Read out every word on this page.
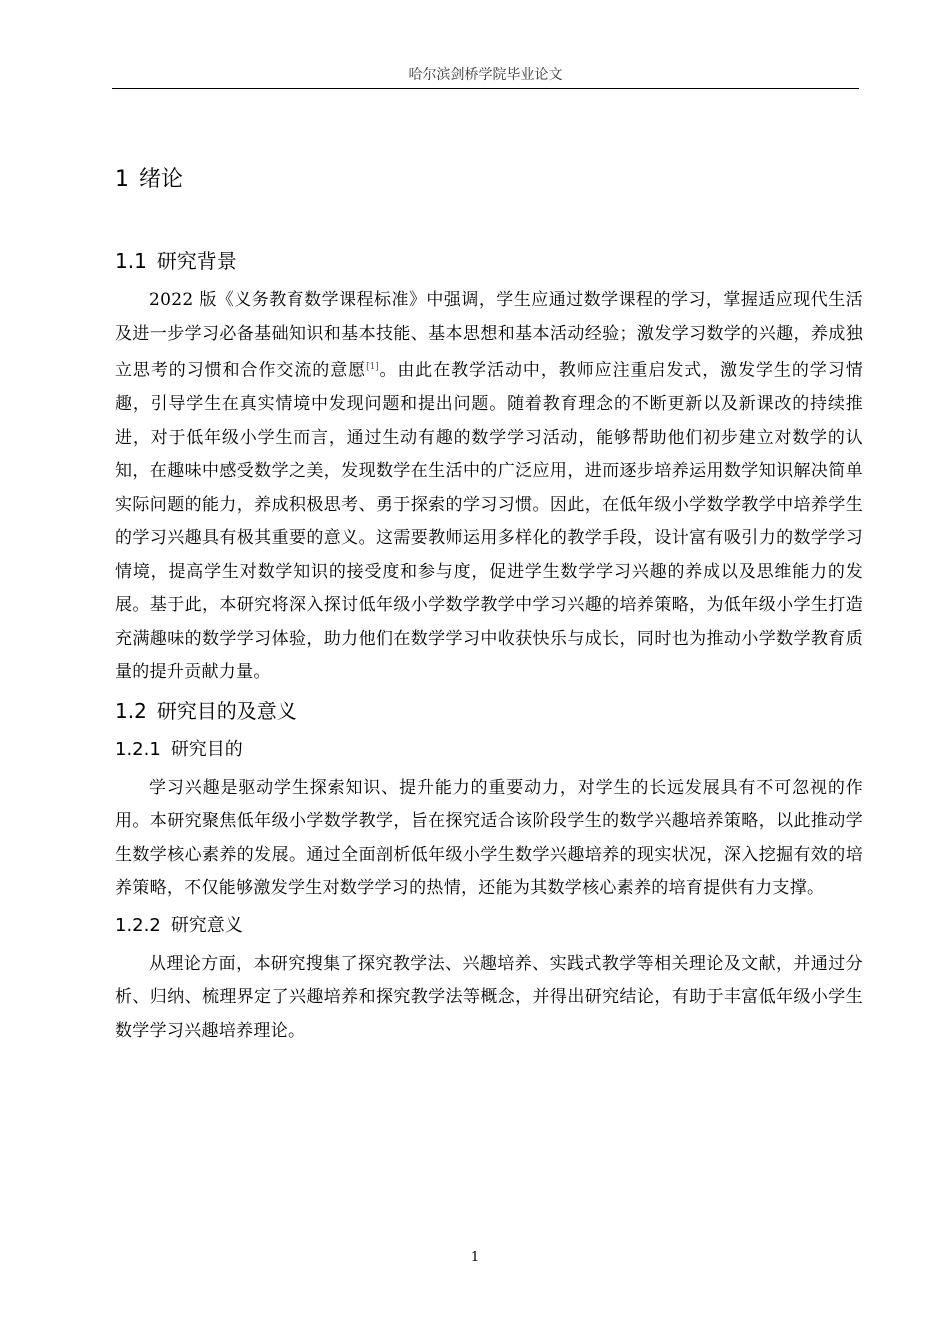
哈尔滨剑桥学院毕业论文
1 绪论
1.1 研究背景

2022 版《义务教育数学课程标准》中强调，学生应通过数学课程的学习，掌握适应现代生活及进一步学习必备基础知识和基本技能、基本思想和基本活动经验；激发学习数学的兴趣，养成独立思考的习惯和合作交流的意愿[1]。由此在教学活动中，教师应注重启发式，激发学生的学习情趣，引导学生在真实情境中发现问题和提出问题。随着教育理念的不断更新以及新课改的持续推进，对于低年级小学生而言，通过生动有趣的数学学习活动，能够帮助他们初步建立对数学的认知，在趣味中感受数学之美，发现数学在生活中的广泛应用，进而逐步培养运用数学知识解决简单实际问题的能力，养成积极思考、勇于探索的学习习惯。因此，在低年级小学数学教学中培养学生的学习兴趣具有极其重要的意义。这需要教师运用多样化的教学手段，设计富有吸引力的数学学习情境，提高学生对数学知识的接受度和参与度，促进学生数学学习兴趣的养成以及思维能力的发展。基于此，本研究将深入探讨低年级小学数学教学中学习兴趣的培养策略，为低年级小学生打造充满趣味的数学学习体验，助力他们在数学学习中收获快乐与成长，同时也为推动小学数学教育质量的提升贡献力量。

1.2 研究目的及意义
1.2.1 研究目的

学习兴趣是驱动学生探索知识、提升能力的重要动力，对学生的长远发展具有不可忽视的作用。本研究聚焦低年级小学数学教学，旨在探究适合该阶段学生的数学兴趣培养策略，以此推动学生数学核心素养的发展。通过全面剖析低年级小学生数学兴趣培养的现实状况，深入挖掘有效的培养策略，不仅能够激发学生对数学学习的热情，还能为其数学核心素养的培育提供有力支撑。

1.2.2 研究意义

从理论方面，本研究搜集了探究教学法、兴趣培养、实践式教学等相关理论及文献，并通过分析、归纳、梳理界定了兴趣培养和探究教学法等概念，并得出研究结论，有助于丰富低年级小学生数学学习兴趣培养理论。

1
